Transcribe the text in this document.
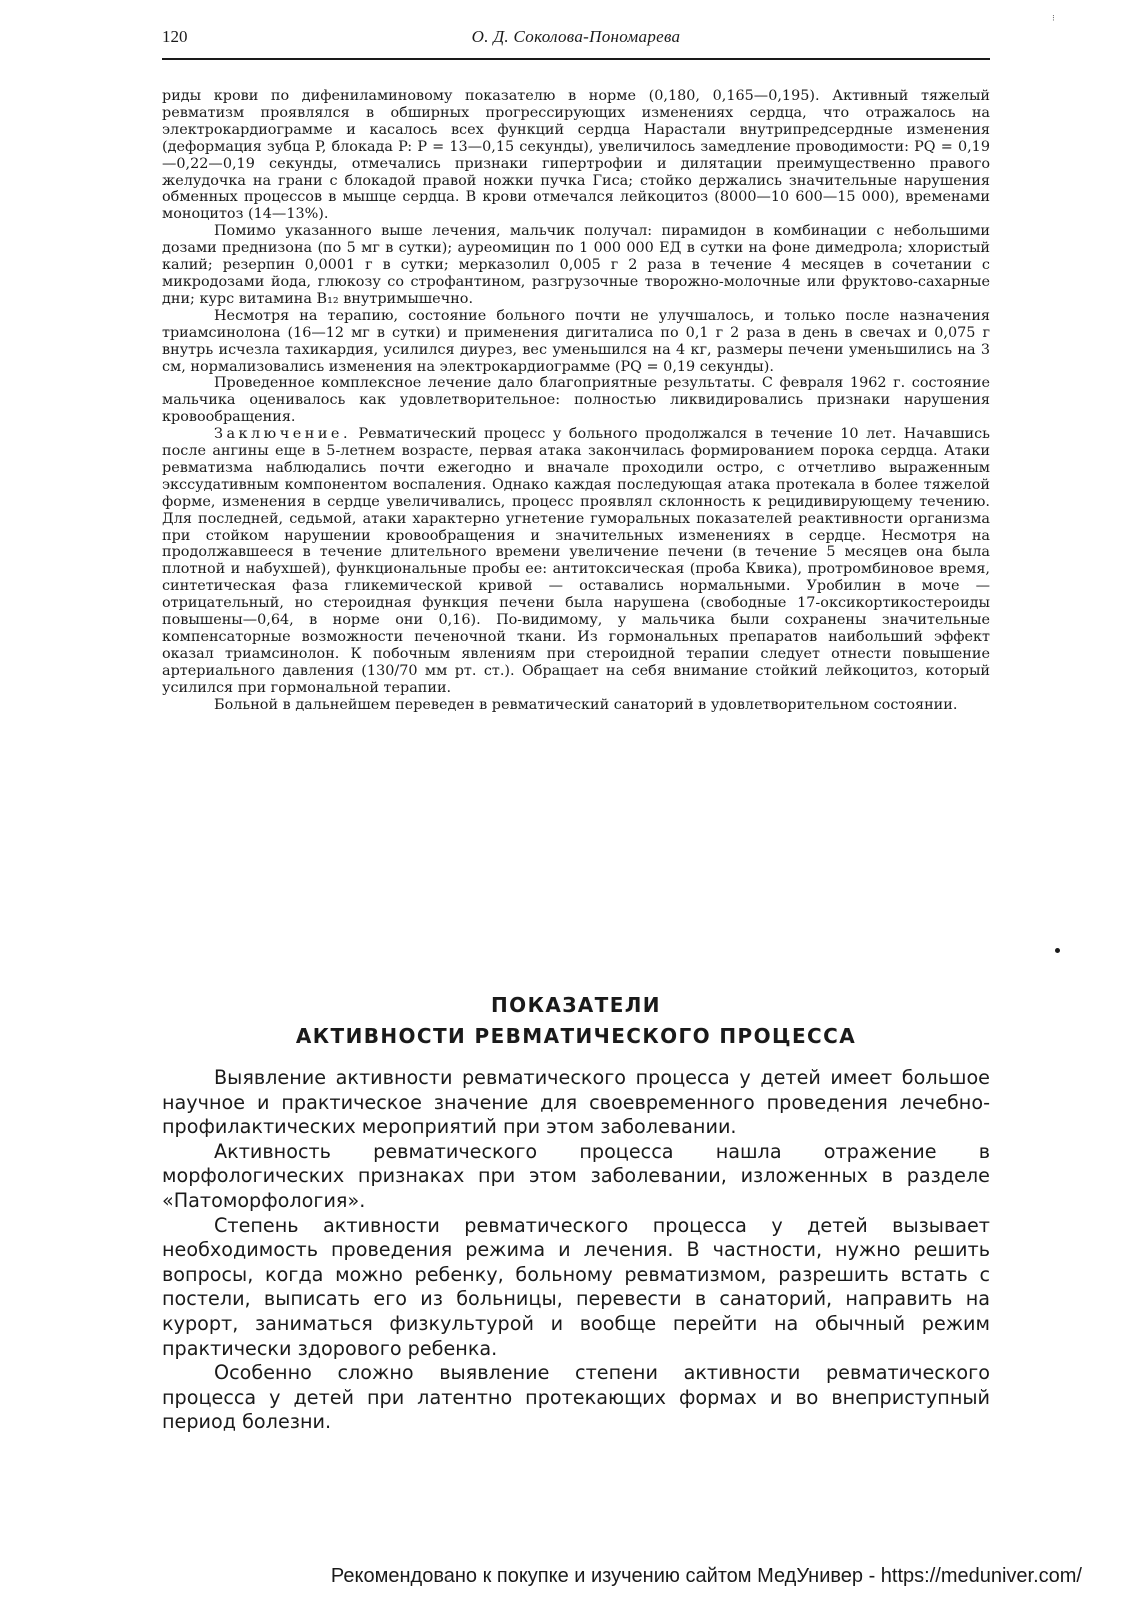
120	О. Д. Соколова-Пономарева
⁝

риды крови по дифениламиновому показателю в норме (0,180, 0,165—0,195). Активный тяжелый ревматизм проявлялся в обширных прогрессирующих изменениях сердца, что отражалось на электрокардиограмме и касалось всех функций сердца Нарастали внутрипредсердные изменения (деформация зубца P, блокада P: P = 13—0,15 секунды), увеличилось замедление проводимости: PQ = 0,19—0,22—0,19 секунды, отмечались признаки гипертрофии и дилятации преимущественно правого желудочка на грани с блокадой правой ножки пучка Гиса; стойко держались значительные нарушения обменных процессов в мышце сердца. В крови отмечался лейкоцитоз (8000—10 600—15 000), временами моноцитоз (14—13%).

Помимо указанного выше лечения, мальчик получал: пирамидон в комбинации с небольшими дозами преднизона (по 5 мг в сутки); ауреомицин по 1 000 000 ЕД в сутки на фоне димедрола; хлористый калий; резерпин 0,0001 г в сутки; мерказолил 0,005 г 2 раза в течение 4 месяцев в сочетании с микродозами йода, глюкозу со строфантином, разгрузочные творожно-молочные или фруктово-сахарные дни; курс витамина B₁₂ внутримышечно.

Несмотря на терапию, состояние больного почти не улучшалось, и только после назначения триамсинолона (16—12 мг в сутки) и применения дигиталиса по 0,1 г 2 раза в день в свечах и 0,075 г внутрь исчезла тахикардия, усилился диурез, вес уменьшился на 4 кг, размеры печени уменьшились на 3 см, нормализовались изменения на электрокардиограмме (PQ = 0,19 секунды).

Проведенное комплексное лечение дало благоприятные результаты. С февраля 1962 г. состояние мальчика оценивалось как удовлетворительное: полностью ликвидировались признаки нарушения кровообращения.

Заключение. Ревматический процесс у больного продолжался в течение 10 лет. Начавшись после ангины еще в 5-летнем возрасте, первая атака закончилась формированием порока сердца. Атаки ревматизма наблюдались почти ежегодно и вначале проходили остро, с отчетливо выраженным экссудативным компонентом воспаления. Однако каждая последующая атака протекала в более тяжелой форме, изменения в сердце увеличивались, процесс проявлял склонность к рецидивирующему течению. Для последней, седьмой, атаки характерно угнетение гуморальных показателей реактивности организма при стойком нарушении кровообращения и значительных изменениях в сердце. Несмотря на продолжавшееся в течение длительного времени увеличение печени (в течение 5 месяцев она была плотной и набухшей), функциональные пробы ее: антитоксическая (проба Квика), протромбиновое время, синтетическая фаза гликемической кривой — оставались нормальными. Уробилин в моче — отрицательный, но стероидная функция печени была нарушена (свободные 17-оксикортикостероиды повышены—0,64, в норме они 0,16). По-видимому, у мальчика были сохранены значительные компенсаторные возможности печеночной ткани. Из гормональных препаратов наибольший эффект оказал триамсинолон. К побочным явлениям при стероидной терапии следует отнести повышение артериального давления (130/70 мм рт. ст.). Обращает на себя внимание стойкий лейкоцитоз, который усилился при гормональной терапии.

Больной в дальнейшем переведен в ревматический санаторий в удовлетворительном состоянии.

ПОКАЗАТЕЛИ
АКТИВНОСТИ РЕВМАТИЧЕСКОГО ПРОЦЕССА

Выявление активности ревматического процесса у детей имеет большое научное и практическое значение для своевременного проведения лечебно-профилактических мероприятий при этом заболевании.

Активность ревматического процесса нашла отражение в морфологических признаках при этом заболевании, изложенных в разделе «Патоморфология».

Степень активности ревматического процесса у детей вызывает необходимость проведения режима и лечения. В частности, нужно решить вопросы, когда можно ребенку, больному ревматизмом, разрешить встать с постели, выписать его из больницы, перевести в санаторий, направить на курорт, заниматься физкультурой и вообще перейти на обычный режим практически здорового ребенка.

Особенно сложно выявление степени активности ревматического процесса у детей при латентно протекающих формах и во внеприступный период болезни.

Рекомендовано к покупке и изучению сайтом МедУнивер - https://meduniver.com/
